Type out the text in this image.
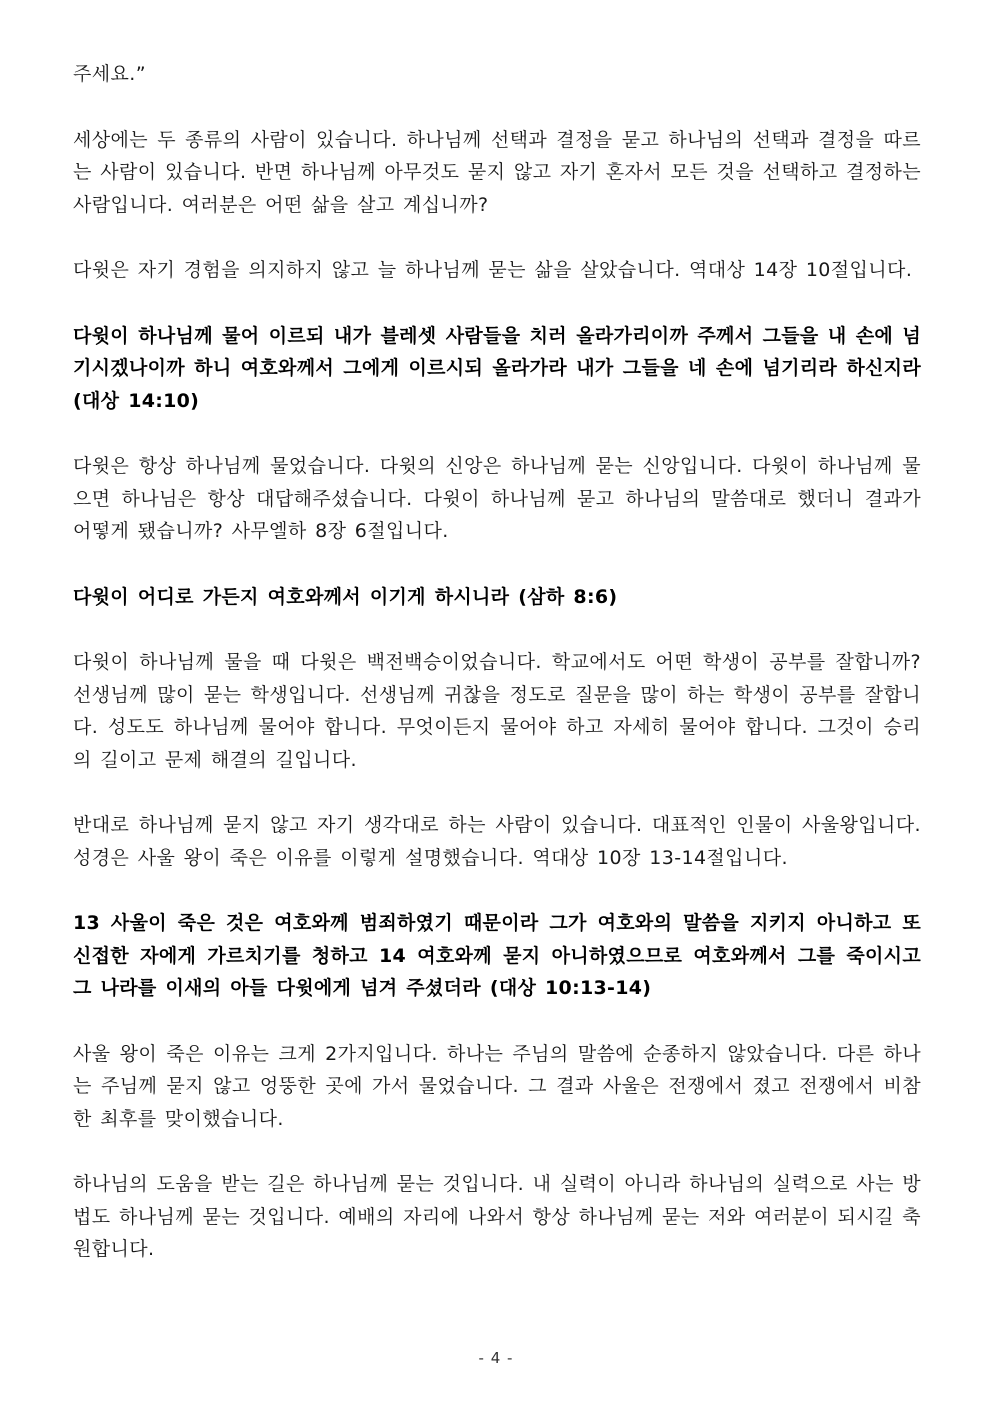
주세요.”

세상에는 두 종류의 사람이 있습니다. 하나님께 선택과 결정을 묻고 하나님의 선택과 결정을 따르는 사람이 있습니다. 반면 하나님께 아무것도 묻지 않고 자기 혼자서 모든 것을 선택하고 결정하는 사람입니다. 여러분은 어떤 삶을 살고 계십니까?

다윗은 자기 경험을 의지하지 않고 늘 하나님께 묻는 삶을 살았습니다. 역대상 14장 10절입니다.

다윗이 하나님께 물어 이르되 내가 블레셋 사람들을 치러 올라가리이까 주께서 그들을 내 손에 넘기시겠나이까 하니 여호와께서 그에게 이르시되 올라가라 내가 그들을 네 손에 넘기리라 하신지라 (대상 14:10)

다윗은 항상 하나님께 물었습니다. 다윗의 신앙은 하나님께 묻는 신앙입니다. 다윗이 하나님께 물으면 하나님은 항상 대답해주셨습니다. 다윗이 하나님께 묻고 하나님의 말씀대로 했더니 결과가 어떻게 됐습니까? 사무엘하 8장 6절입니다.

다윗이 어디로 가든지 여호와께서 이기게 하시니라 (삼하 8:6)

다윗이 하나님께 물을 때 다윗은 백전백승이었습니다. 학교에서도 어떤 학생이 공부를 잘합니까? 선생님께 많이 묻는 학생입니다. 선생님께 귀찮을 정도로 질문을 많이 하는 학생이 공부를 잘합니다. 성도도 하나님께 물어야 합니다. 무엇이든지 물어야 하고 자세히 물어야 합니다. 그것이 승리의 길이고 문제 해결의 길입니다.

반대로 하나님께 묻지 않고 자기 생각대로 하는 사람이 있습니다. 대표적인 인물이 사울왕입니다. 성경은 사울 왕이 죽은 이유를 이렇게 설명했습니다. 역대상 10장 13-14절입니다.

13 사울이 죽은 것은 여호와께 범죄하였기 때문이라 그가 여호와의 말씀을 지키지 아니하고 또 신접한 자에게 가르치기를 청하고 14 여호와께 묻지 아니하였으므로 여호와께서 그를 죽이시고 그 나라를 이새의 아들 다윗에게 넘겨 주셨더라 (대상 10:13-14)

사울 왕이 죽은 이유는 크게 2가지입니다. 하나는 주님의 말씀에 순종하지 않았습니다. 다른 하나는 주님께 묻지 않고 엉뚱한 곳에 가서 물었습니다. 그 결과 사울은 전쟁에서 졌고 전쟁에서 비참한 최후를 맞이했습니다.

하나님의 도움을 받는 길은 하나님께 묻는 것입니다. 내 실력이 아니라 하나님의 실력으로 사는 방법도 하나님께 묻는 것입니다. 예배의 자리에 나와서 항상 하나님께 묻는 저와 여러분이 되시길 축원합니다.

- 4 -
